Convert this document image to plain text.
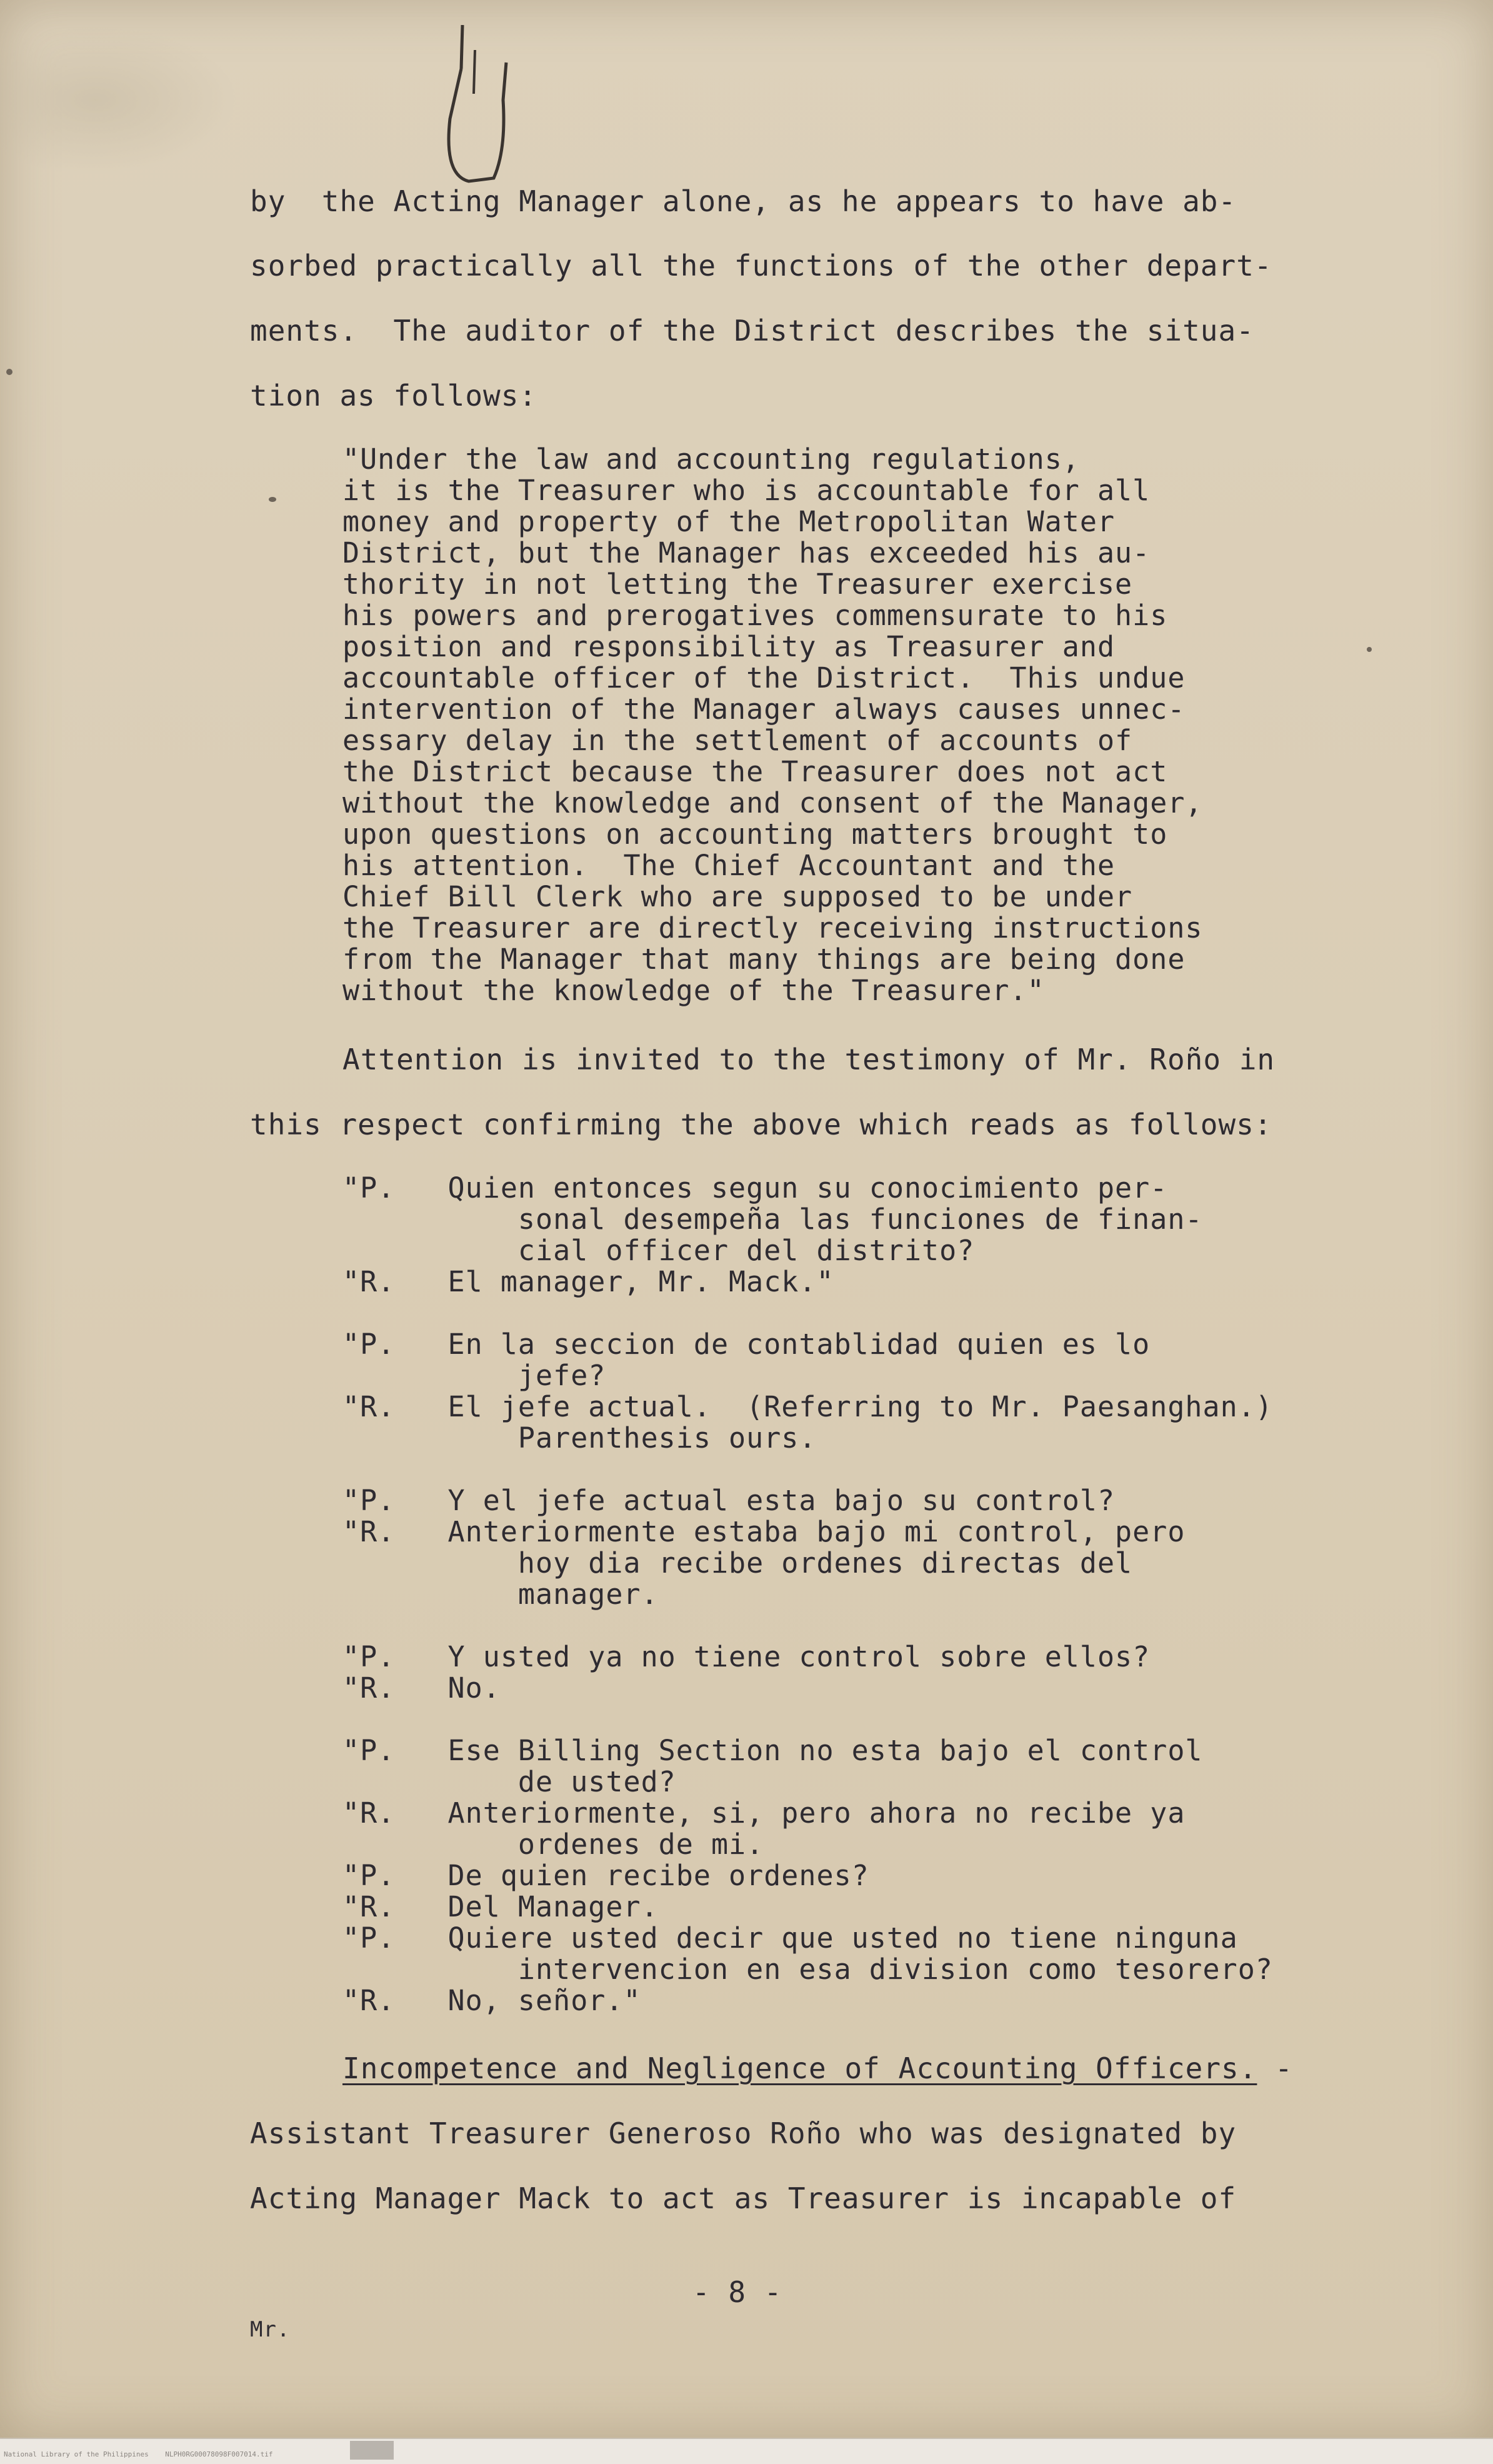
by  the Acting Manager alone, as he appears to have ab-
sorbed practically all the functions of the other depart-
ments.  The auditor of the District describes the situa-
tion as follows:
"Under the law and accounting regulations,
it is the Treasurer who is accountable for all
money and property of the Metropolitan Water
District, but the Manager has exceeded his au-
thority in not letting the Treasurer exercise
his powers and prerogatives commensurate to his
position and responsibility as Treasurer and
accountable officer of the District.  This undue
intervention of the Manager always causes unnec-
essary delay in the settlement of accounts of
the District because the Treasurer does not act
without the knowledge and consent of the Manager,
upon questions on accounting matters brought to
his attention.  The Chief Accountant and the
Chief Bill Clerk who are supposed to be under
the Treasurer are directly receiving instructions
from the Manager that many things are being done
without the knowledge of the Treasurer."
Attention is invited to the testimony of Mr. Roño in
this respect confirming the above which reads as follows:
"P.   Quien entonces segun su conocimiento per-
sonal desempeña las funciones de finan-
cial officer del distrito?
"R.   El manager, Mr. Mack."
"P.   En la seccion de contablidad quien es lo
jefe?
"R.   El jefe actual.  (Referring to Mr. Paesanghan.)
Parenthesis ours.
"P.   Y el jefe actual esta bajo su control?
"R.   Anteriormente estaba bajo mi control, pero
hoy dia recibe ordenes directas del
manager.
"P.   Y usted ya no tiene control sobre ellos?
"R.   No.
"P.   Ese Billing Section no esta bajo el control
de usted?
"R.   Anteriormente, si, pero ahora no recibe ya
ordenes de mi.
"P.   De quien recibe ordenes?
"R.   Del Manager.
"P.   Quiere usted decir que usted no tiene ninguna
intervencion en esa division como tesorero?
"R.   No, señor."
Incompetence and Negligence of Accounting Officers. -
Assistant Treasurer Generoso Roño who was designated by
Acting Manager Mack to act as Treasurer is incapable of
- 8 -
Mr.
National Library of the Philippines    NLPH0RG00078098F007014.tif
